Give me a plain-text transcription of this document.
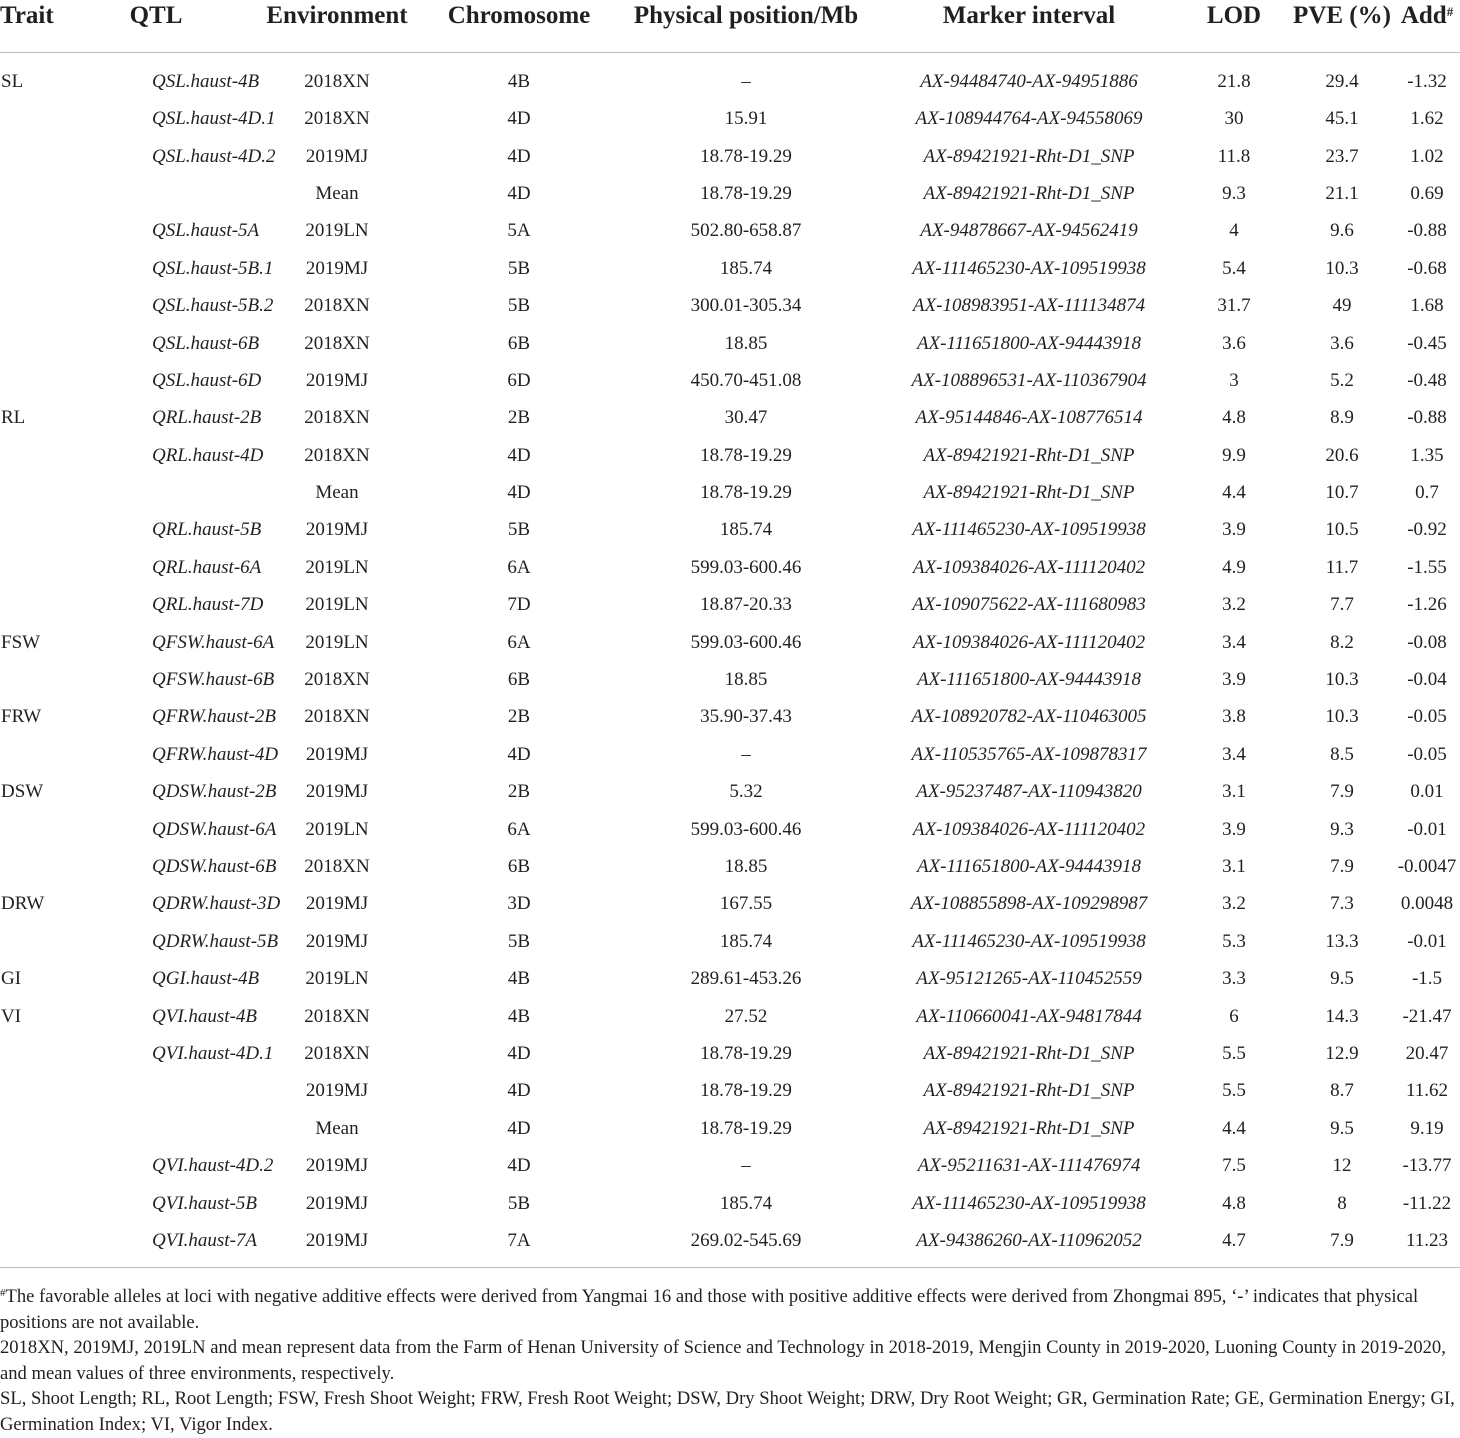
Trait	QTL	Environment	Chromosome	Physical position/Mb	Marker interval	LOD	PVE (%)	Add#
SL	QSL.haust-4B	2018XN	4B	–	AX-94484740-AX-94951886	21.8	29.4	-1.32
	QSL.haust-4D.1	2018XN	4D	15.91	AX-108944764-AX-94558069	30	45.1	1.62
	QSL.haust-4D.2	2019MJ	4D	18.78-19.29	AX-89421921-Rht-D1_SNP	11.8	23.7	1.02
		Mean	4D	18.78-19.29	AX-89421921-Rht-D1_SNP	9.3	21.1	0.69
	QSL.haust-5A	2019LN	5A	502.80-658.87	AX-94878667-AX-94562419	4	9.6	-0.88
	QSL.haust-5B.1	2019MJ	5B	185.74	AX-111465230-AX-109519938	5.4	10.3	-0.68
	QSL.haust-5B.2	2018XN	5B	300.01-305.34	AX-108983951-AX-111134874	31.7	49	1.68
	QSL.haust-6B	2018XN	6B	18.85	AX-111651800-AX-94443918	3.6	3.6	-0.45
	QSL.haust-6D	2019MJ	6D	450.70-451.08	AX-108896531-AX-110367904	3	5.2	-0.48
RL	QRL.haust-2B	2018XN	2B	30.47	AX-95144846-AX-108776514	4.8	8.9	-0.88
	QRL.haust-4D	2018XN	4D	18.78-19.29	AX-89421921-Rht-D1_SNP	9.9	20.6	1.35
		Mean	4D	18.78-19.29	AX-89421921-Rht-D1_SNP	4.4	10.7	0.7
	QRL.haust-5B	2019MJ	5B	185.74	AX-111465230-AX-109519938	3.9	10.5	-0.92
	QRL.haust-6A	2019LN	6A	599.03-600.46	AX-109384026-AX-111120402	4.9	11.7	-1.55
	QRL.haust-7D	2019LN	7D	18.87-20.33	AX-109075622-AX-111680983	3.2	7.7	-1.26
FSW	QFSW.haust-6A	2019LN	6A	599.03-600.46	AX-109384026-AX-111120402	3.4	8.2	-0.08
	QFSW.haust-6B	2018XN	6B	18.85	AX-111651800-AX-94443918	3.9	10.3	-0.04
FRW	QFRW.haust-2B	2018XN	2B	35.90-37.43	AX-108920782-AX-110463005	3.8	10.3	-0.05
	QFRW.haust-4D	2019MJ	4D	–	AX-110535765-AX-109878317	3.4	8.5	-0.05
DSW	QDSW.haust-2B	2019MJ	2B	5.32	AX-95237487-AX-110943820	3.1	7.9	0.01
	QDSW.haust-6A	2019LN	6A	599.03-600.46	AX-109384026-AX-111120402	3.9	9.3	-0.01
	QDSW.haust-6B	2018XN	6B	18.85	AX-111651800-AX-94443918	3.1	7.9	-0.0047
DRW	QDRW.haust-3D	2019MJ	3D	167.55	AX-108855898-AX-109298987	3.2	7.3	0.0048
	QDRW.haust-5B	2019MJ	5B	185.74	AX-111465230-AX-109519938	5.3	13.3	-0.01
GI	QGI.haust-4B	2019LN	4B	289.61-453.26	AX-95121265-AX-110452559	3.3	9.5	-1.5
VI	QVI.haust-4B	2018XN	4B	27.52	AX-110660041-AX-94817844	6	14.3	-21.47
	QVI.haust-4D.1	2018XN	4D	18.78-19.29	AX-89421921-Rht-D1_SNP	5.5	12.9	20.47
		2019MJ	4D	18.78-19.29	AX-89421921-Rht-D1_SNP	5.5	8.7	11.62
		Mean	4D	18.78-19.29	AX-89421921-Rht-D1_SNP	4.4	9.5	9.19
	QVI.haust-4D.2	2019MJ	4D	–	AX-95211631-AX-111476974	7.5	12	-13.77
	QVI.haust-5B	2019MJ	5B	185.74	AX-111465230-AX-109519938	4.8	8	-11.22
	QVI.haust-7A	2019MJ	7A	269.02-545.69	AX-94386260-AX-110962052	4.7	7.9	11.23

#The favorable alleles at loci with negative additive effects were derived from Yangmai 16 and those with positive additive effects were derived from Zhongmai 895, ‘-’ indicates that physical positions are not available.

2018XN, 2019MJ, 2019LN and mean represent data from the Farm of Henan University of Science and Technology in 2018-2019, Mengjin County in 2019-2020, Luoning County in 2019-2020, and mean values of three environments, respectively.

SL, Shoot Length; RL, Root Length; FSW, Fresh Shoot Weight; FRW, Fresh Root Weight; DSW, Dry Shoot Weight; DRW, Dry Root Weight; GR, Germination Rate; GE, Germination Energy; GI, Germination Index; VI, Vigor Index.
